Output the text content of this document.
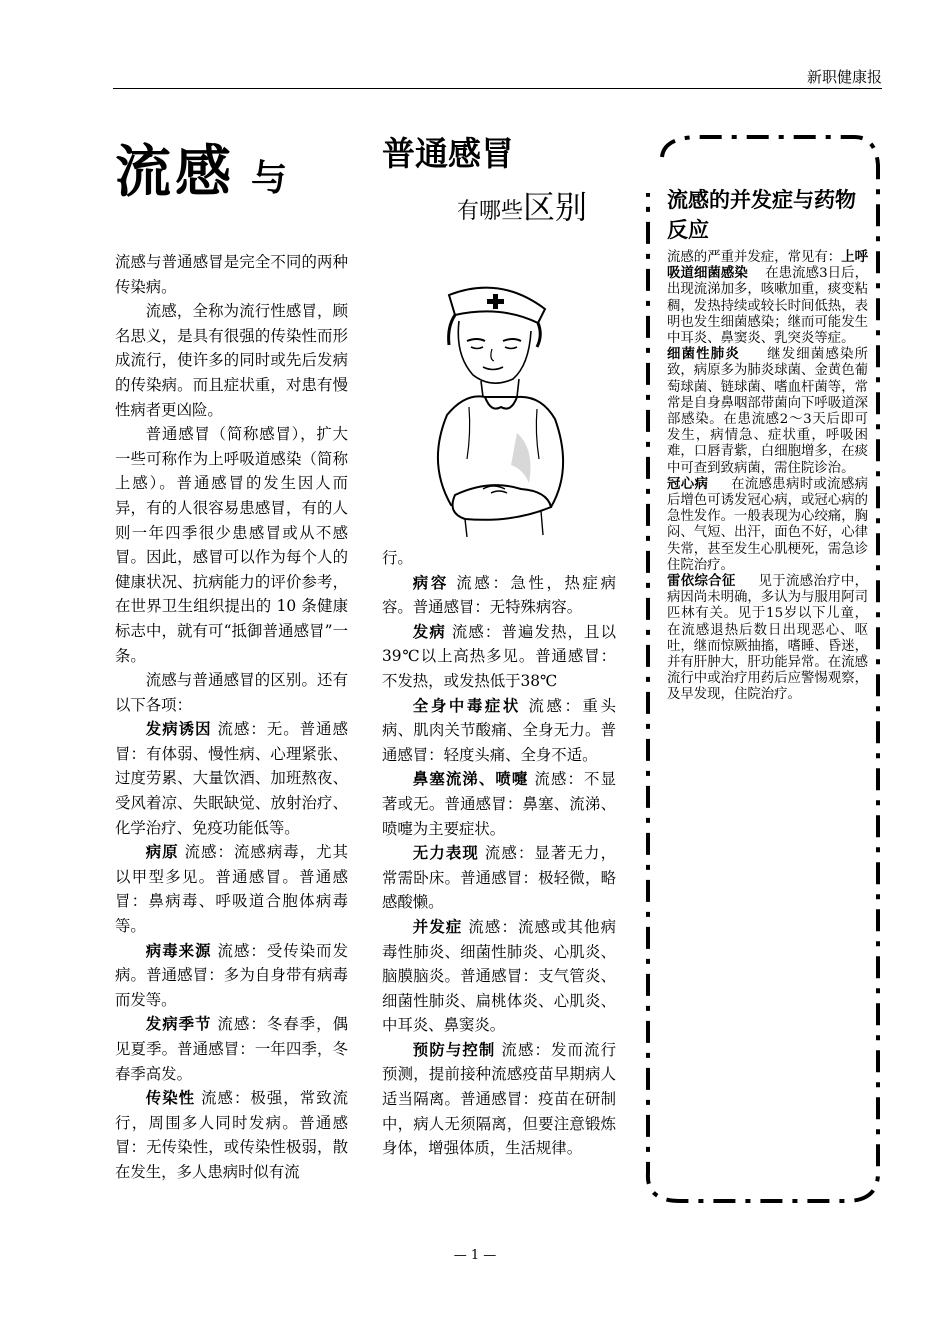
新职健康报
流感 与
普通感冒
有哪些区别

流感与普通感冒是完全不同的两种传染病。

流感，全称为流行性感冒，顾名思义，是具有很强的传染性而形成流行，使许多的同时或先后发病的传染病。而且症状重，对患有慢性病者更凶险。

普通感冒（简称感冒），扩大一些可称作为上呼吸道感染（简称上感）。普通感冒的发生因人而异，有的人很容易患感冒，有的人则一年四季很少患感冒或从不感冒。因此，感冒可以作为每个人的健康状况、抗病能力的评价参考，在世界卫生组织提出的 10 条健康标志中，就有可“抵御普通感冒”一条。

流感与普通感冒的区别。还有以下各项：

发病诱因 流感：无。普通感冒：有体弱、慢性病、心理紧张、过度劳累、大量饮酒、加班熬夜、受风着凉、失眠缺觉、放射治疗、化学治疗、免疫功能低等。

病原 流感：流感病毒，尤其以甲型多见。普通感冒。普通感冒：鼻病毒、呼吸道合胞体病毒等。

病毒来源 流感：受传染而发病。普通感冒：多为自身带有病毒而发等。

发病季节 流感：冬春季，偶见夏季。普通感冒：一年四季，冬春季高发。

传染性 流感：极强，常致流行，周围多人同时发病。普通感冒：无传染性，或传染性极弱，散在发生，多人患病时似有流

行。

病容 流感：急性，热症病容。普通感冒：无特殊病容。

发病 流感：普遍发热，且以39℃以上高热多见。普通感冒：不发热，或发热低于38℃

全身中毒症状 流感：重头病、肌肉关节酸痛、全身无力。普通感冒：轻度头痛、全身不适。

鼻塞流涕、喷嚏 流感：不显著或无。普通感冒：鼻塞、流涕、喷嚏为主要症状。

无力表现 流感：显著无力，常需卧床。普通感冒：极轻微，略感酸懒。

并发症 流感：流感或其他病毒性肺炎、细菌性肺炎、心肌炎、脑膜脑炎。普通感冒：支气管炎、细菌性肺炎、扁桃体炎、心肌炎、中耳炎、鼻窦炎。

预防与控制 流感：发而流行预测，提前接种流感疫苗早期病人适当隔离。普通感冒：疫苗在研制中，病人无须隔离，但要注意锻炼身体，增强体质，生活规律。

流感的并发症与药物反应

流感的严重并发症，常见有：上呼吸道细菌感染 在患流感3日后，出现流涕加多，咳嗽加重，痰变粘稠，发热持续或较长时间低热，表明也发生细菌感染；继而可能发生中耳炎、鼻窦炎、乳突炎等症。

细菌性肺炎 继发细菌感染所致，病原多为肺炎球菌、金黄色葡萄球菌、链球菌、嗜血杆菌等，常常是自身鼻咽部带菌向下呼吸道深部感染。在患流感2～3天后即可发生，病情急、症状重，呼吸困难，口唇青紫，白细胞增多，在痰中可查到致病菌，需住院诊治。

冠心病 在流感患病时或流感病后增色可诱发冠心病，或冠心病的急性发作。一般表现为心绞痛，胸闷、气短、出汗，面色不好，心律失常，甚至发生心肌梗死，需急诊住院治疗。

雷依综合征 见于流感治疗中，病因尚未明确，多认为与服用阿司匹林有关。见于15岁以下儿童，在流感退热后数日出现恶心、呕吐，继而惊厥抽搐，嗜睡、昏迷，并有肝肿大，肝功能异常。在流感流行中或治疗用药后应警惕观察，及早发现，住院治疗。

— 1 —
